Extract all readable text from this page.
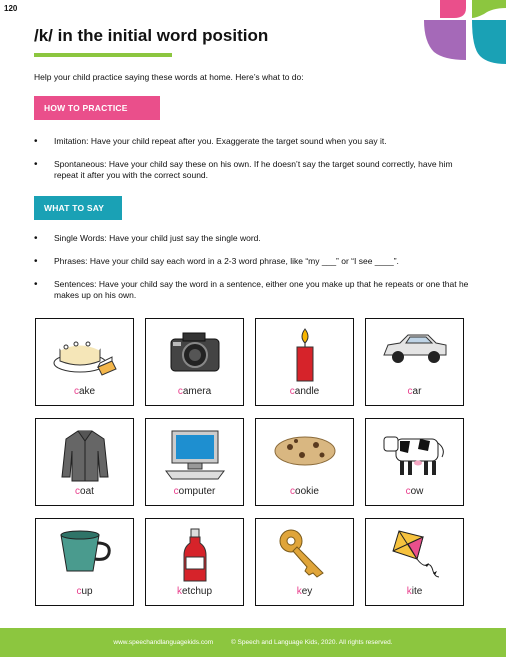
120
/k/ in the initial word position
Help your child practice saying these words at home. Here’s what to do:
HOW TO PRACTICE
• Imitation: Have your child repeat after you. Exaggerate the target sound when you say it.
• Spontaneous: Have your child say these on his own. If he doesn’t say the target sound correctly, have him repeat it after you with the correct sound.
WHAT TO SAY
• Single Words: Have your child just say the single word.
• Phrases: Have your child say each word in a 2-3 word phrase, like “my ___” or “I see ____”.
• Sentences: Have your child say the word in a sentence, either one you make up that he repeats or one that he makes up on his own.
cake	camera	candle	car
coat	computer	cookie	cow
cup	ketchup	key	kite
www.speechandlanguagekids.com	© Speech and Language Kids, 2020. All rights reserved.
